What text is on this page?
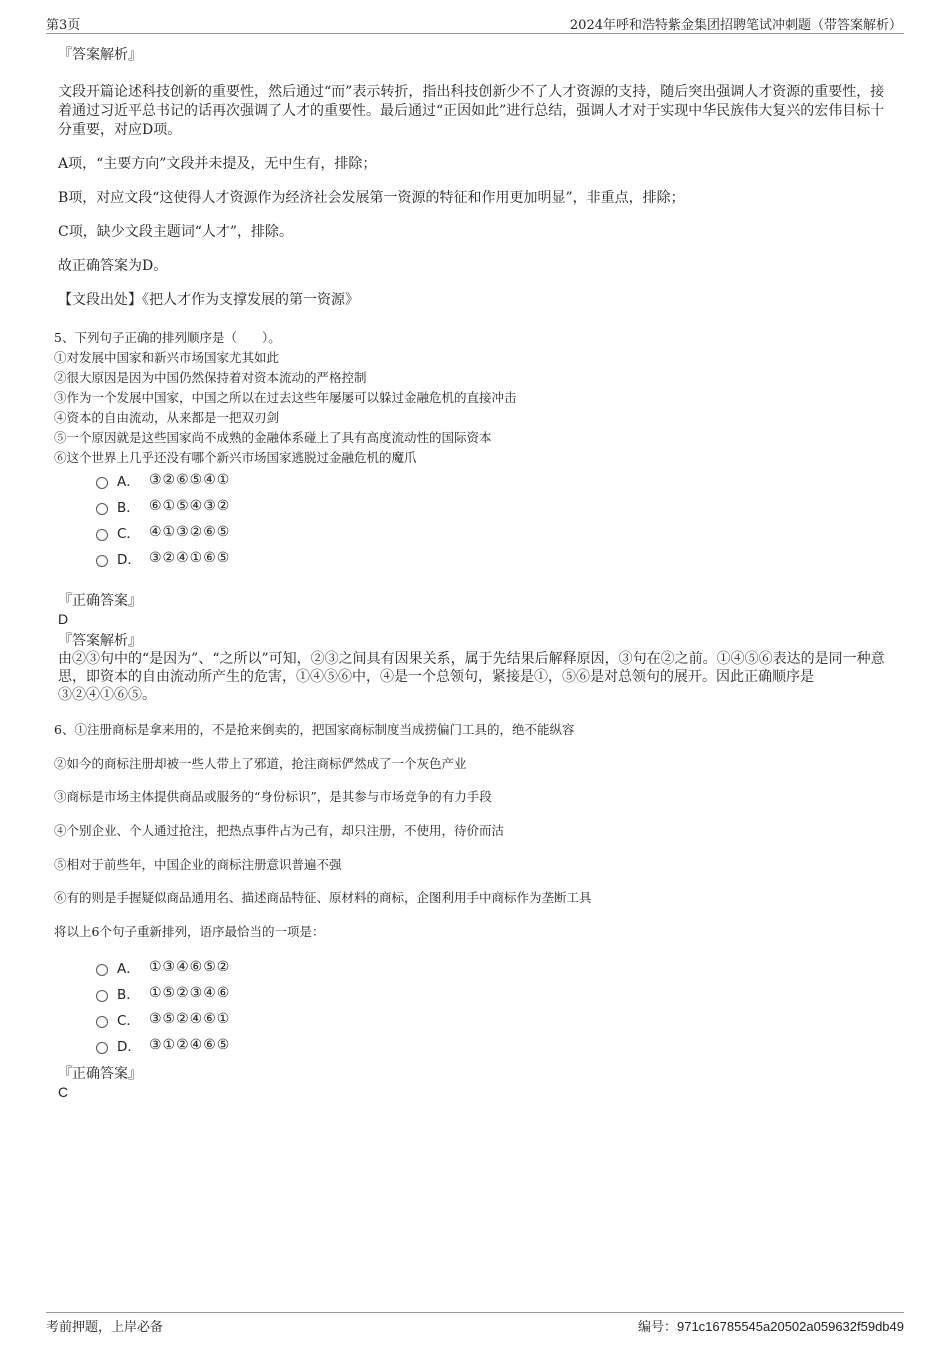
第3页	2024年呼和浩特紫金集团招聘笔试冲刺题（带答案解析）
『答案解析』
文段开篇论述科技创新的重要性，然后通过“而”表示转折，指出科技创新少不了人才资源的支持，随后突出强调人才资源的重要性，接着通过习近平总书记的话再次强调了人才的重要性。最后通过“正因如此”进行总结，强调人才对于实现中华民族伟大复兴的宏伟目标十分重要，对应D项。
A项，“主要方向”文段并未提及，无中生有，排除；
B项，对应文段“这使得人才资源作为经济社会发展第一资源的特征和作用更加明显”，非重点，排除；
C项，缺少文段主题词“人才”，排除。
故正确答案为D。
【文段出处】《把人才作为支撑发展的第一资源》
5、下列句子正确的排列顺序是（　　）。
①对发展中国家和新兴市场国家尤其如此
②很大原因是因为中国仍然保持着对资本流动的严格控制
③作为一个发展中国家，中国之所以在过去这些年屡屡可以躲过金融危机的直接冲击
④资本的自由流动，从来都是一把双刃剑
⑤一个原因就是这些国家尚不成熟的金融体系碰上了具有高度流动性的国际资本
⑥这个世界上几乎还没有哪个新兴市场国家逃脱过金融危机的魔爪
A． ③②⑥⑤④①
B． ⑥①⑤④③②
C． ④①③②⑥⑤
D． ③②④①⑥⑤
『正确答案』
D
『答案解析』
由②③句中的“是因为”、“之所以”可知，②③之间具有因果关系，属于先结果后解释原因，③句在②之前。①④⑤⑥表达的是同一种意思，即资本的自由流动所产生的危害，①④⑤⑥中，④是一个总领句，紧接是①，⑤⑥是对总领句的展开。因此正确顺序是③②④①⑥⑤。
6、①注册商标是拿来用的，不是抢来倒卖的，把国家商标制度当成捞偏门工具的，绝不能纵容
②如今的商标注册却被一些人带上了邪道，抢注商标俨然成了一个灰色产业
③商标是市场主体提供商品或服务的“身份标识”，是其参与市场竞争的有力手段
④个别企业、个人通过抢注，把热点事件占为己有，却只注册，不使用，待价而沽
⑤相对于前些年，中国企业的商标注册意识普遍不强
⑥有的则是手握疑似商品通用名、描述商品特征、原材料的商标，企图利用手中商标作为垄断工具
将以上6个句子重新排列，语序最恰当的一项是：
A． ①③④⑥⑤②
B． ①⑤②③④⑥
C． ③⑤②④⑥①
D． ③①②④⑥⑤
『正确答案』
C
考前押题，上岸必备	编号：971c16785545a20502a059632f59db49
